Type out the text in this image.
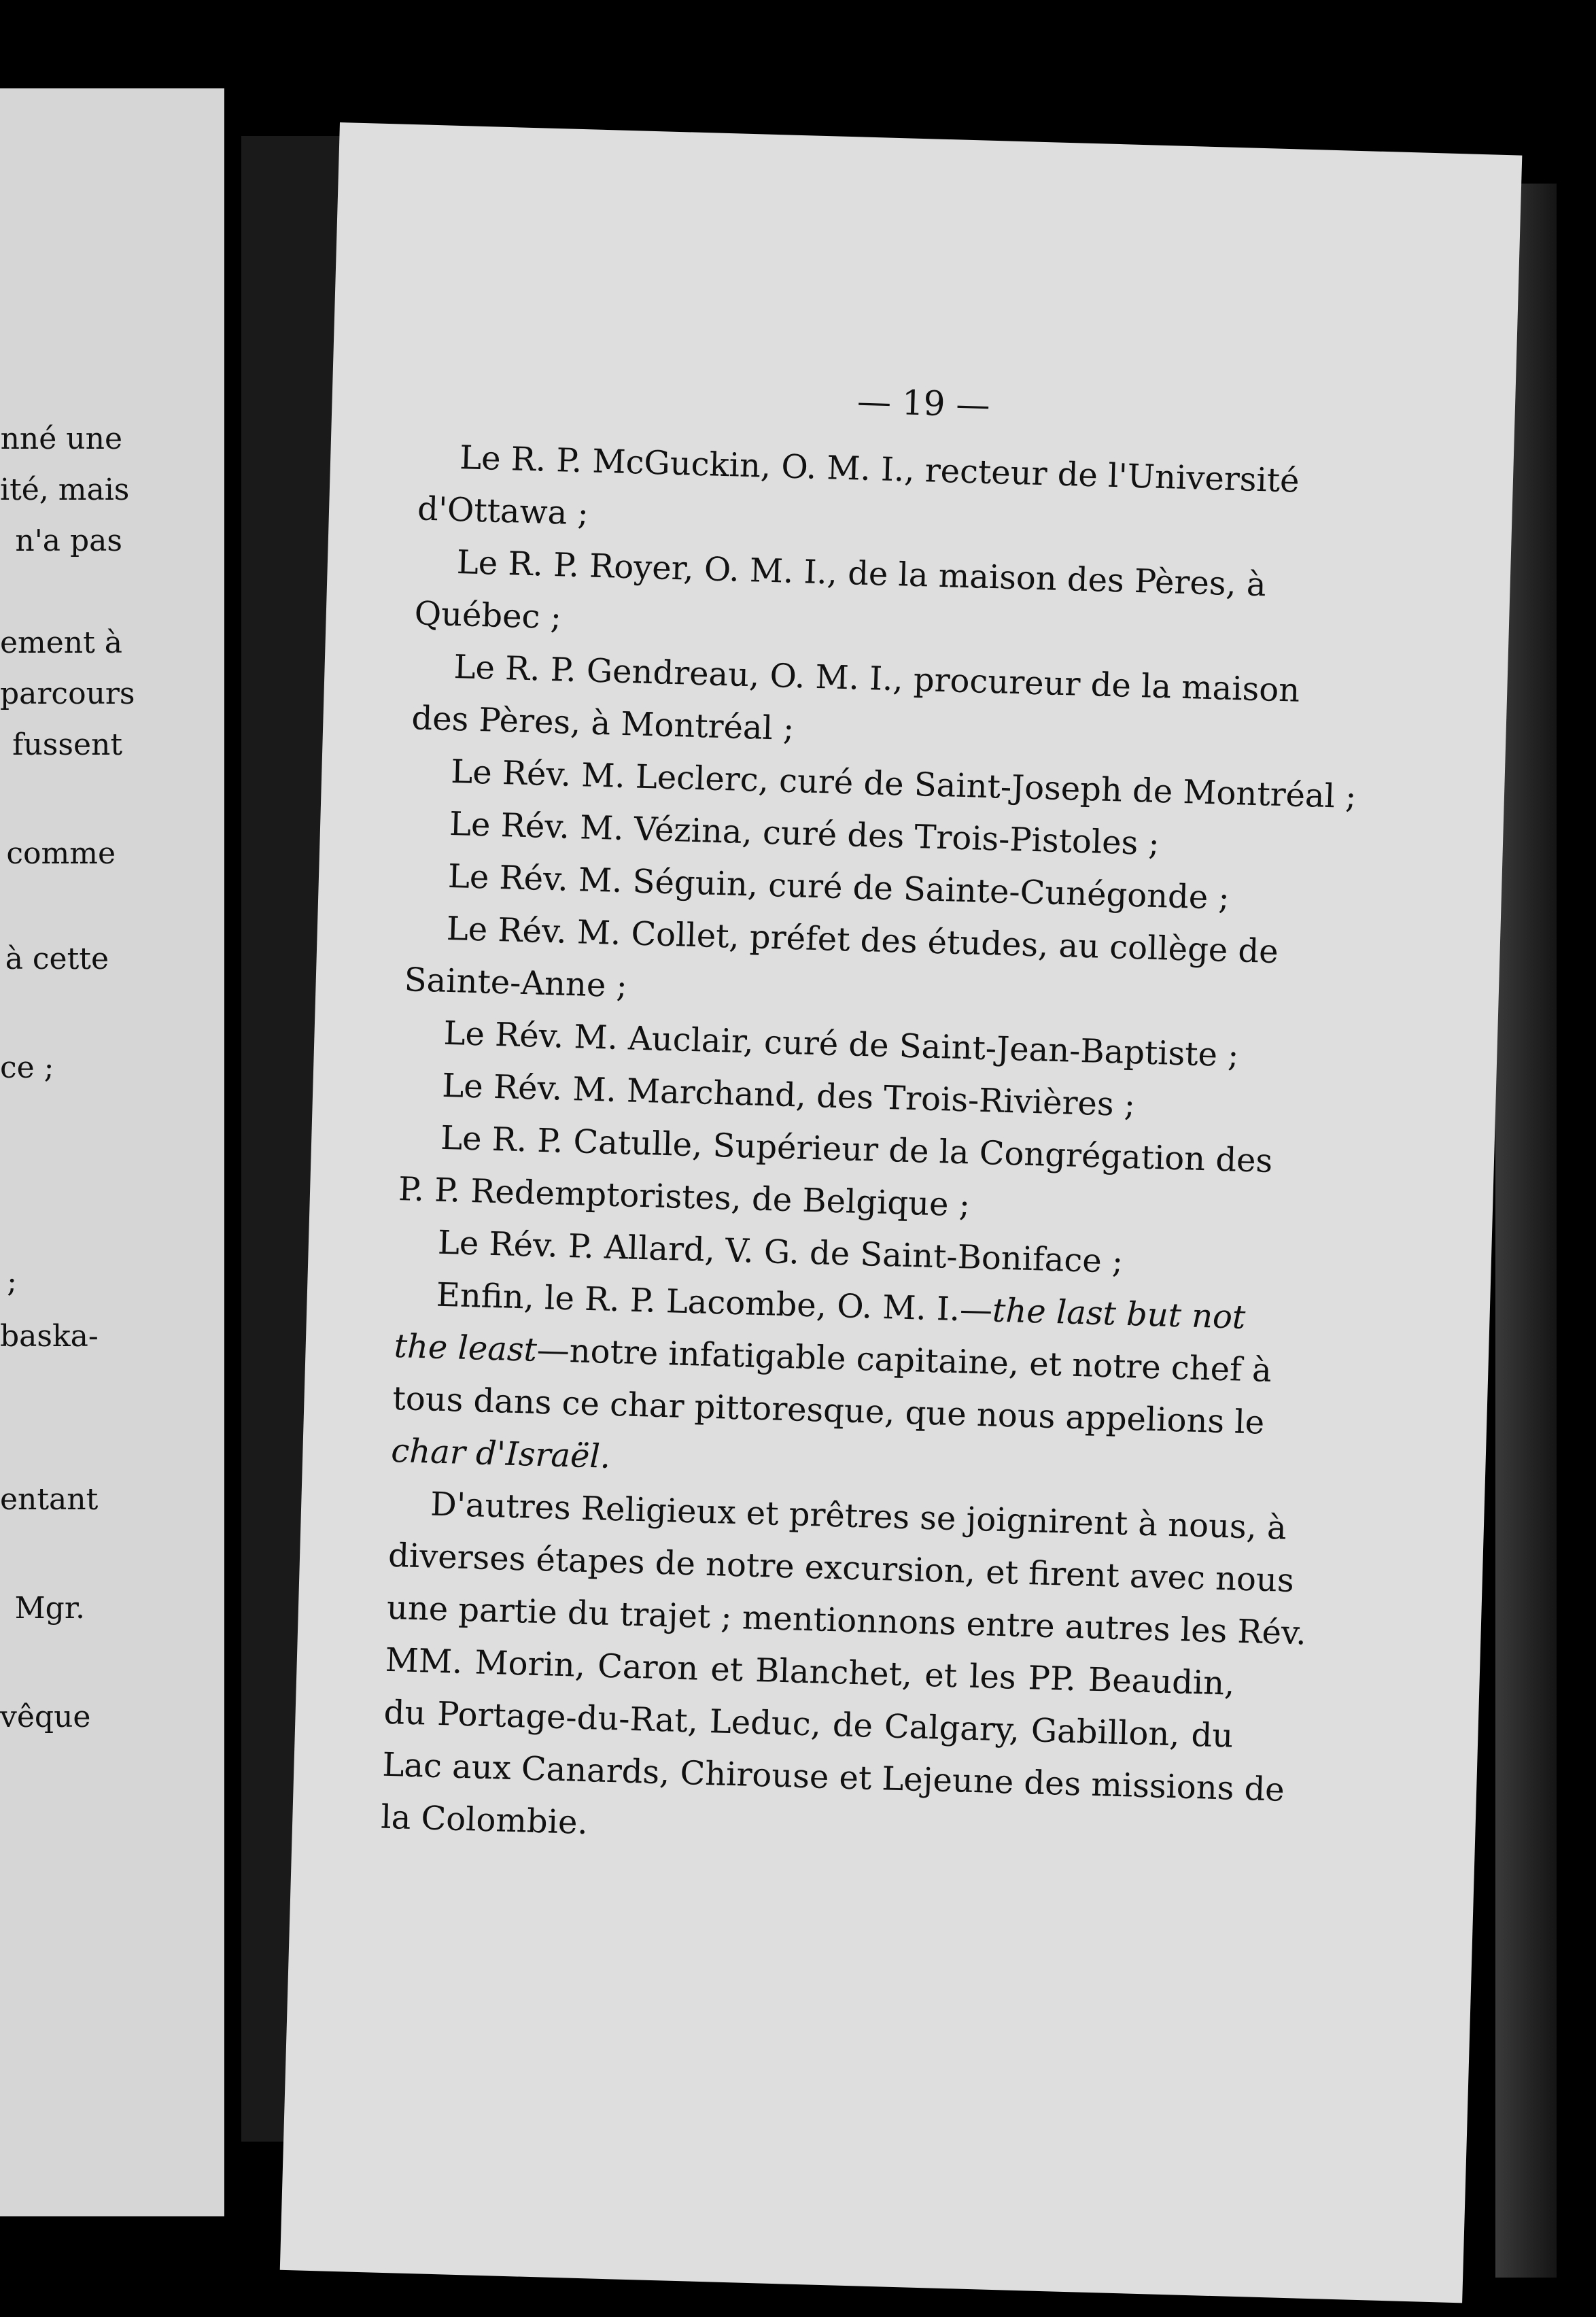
nné une
ité, mais
n'a pas
ement à
parcours
fussent
comme
à cette
ce ;
;
baska-
entant
Mgr.
vêque
— 19 —
Le R. P. McGuckin, O. M. I., recteur de l'Université
d'Ottawa ;
Le R. P. Royer, O. M. I., de la maison des Pères, à
Québec ;
Le R. P. Gendreau, O. M. I., procureur de la maison
des Pères, à Montréal ;
Le Rév. M. Leclerc, curé de Saint-Joseph de Montréal ;
Le Rév. M. Vézina, curé des Trois-Pistoles ;
Le Rév. M. Séguin, curé de Sainte-Cunégonde ;
Le Rév. M. Collet, préfet des études, au collège de
Sainte-Anne ;
Le Rév. M. Auclair, curé de Saint-Jean-Baptiste ;
Le Rév. M. Marchand, des Trois-Rivières ;
Le R. P. Catulle, Supérieur de la Congrégation des
P. P. Redemptoristes, de Belgique ;
Le Rév. P. Allard, V. G. de Saint-Boniface ;
Enfin, le R. P. Lacombe, O. M. I.—the last but not
the least—notre infatigable capitaine, et notre chef à
tous dans ce char pittoresque, que nous appelions le
char d'Israël.
D'autres Religieux et prêtres se joignirent à nous, à
diverses étapes de notre excursion, et firent avec nous
une partie du trajet ; mentionnons entre autres les Rév.
MM. Morin, Caron et Blanchet, et les PP. Beaudin,
du Portage-du-Rat, Leduc, de Calgary, Gabillon, du
Lac aux Canards, Chirouse et Lejeune des missions de
la Colombie.
